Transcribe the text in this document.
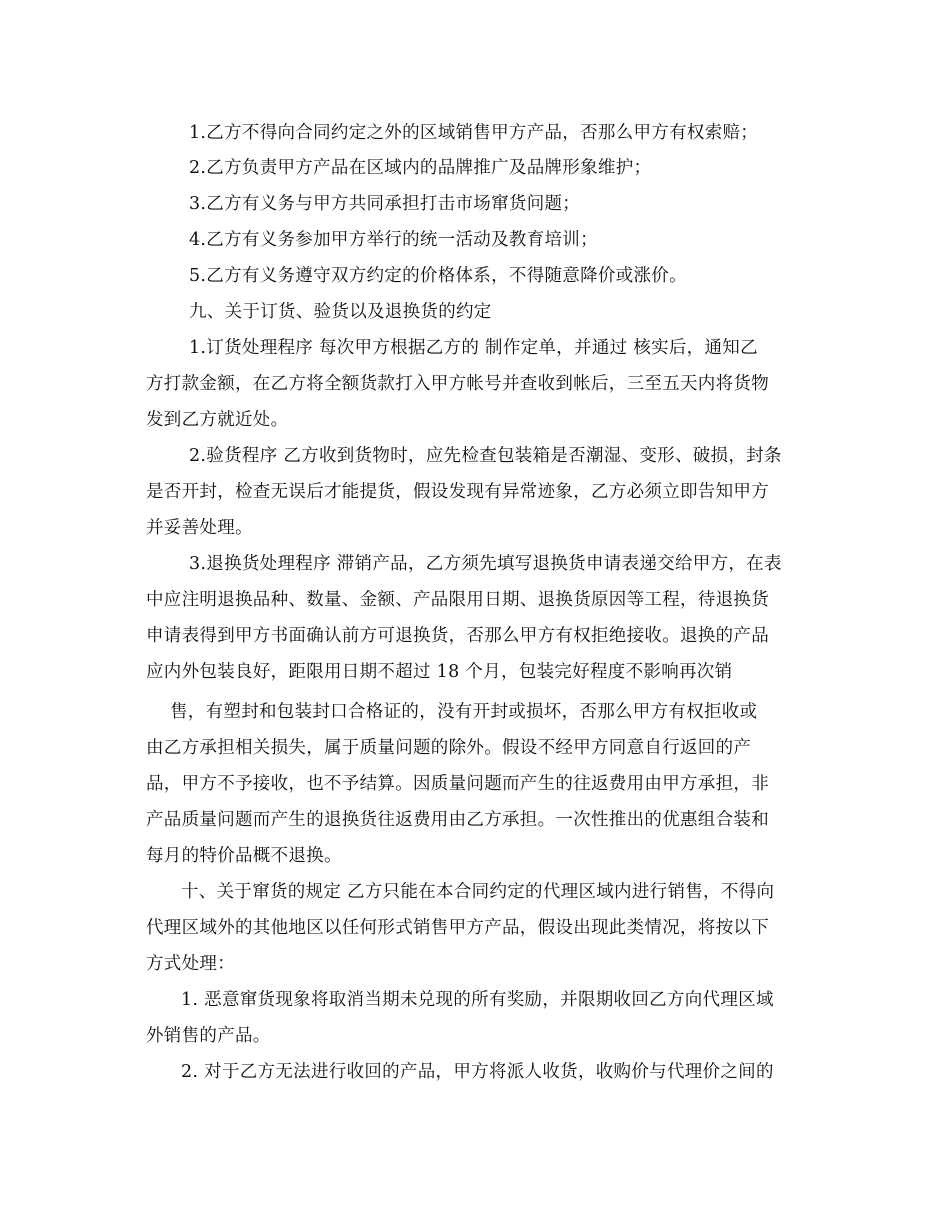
1.乙方不得向合同约定之外的区域销售甲方产品，否那么甲方有权索赔；
2.乙方负责甲方产品在区域内的品牌推广及品牌形象维护；
3.乙方有义务与甲方共同承担打击市场窜货问题；
4.乙方有义务参加甲方举行的统一活动及教育培训；
5.乙方有义务遵守双方约定的价格体系，不得随意降价或涨价。
九、关于订货、验货以及退换货的约定
1.订货处理程序 每次甲方根据乙方的 制作定单，并通过 核实后，通知乙
方打款金额，在乙方将全额货款打入甲方帐号并查收到帐后，三至五天内将货物
发到乙方就近处。
2.验货程序 乙方收到货物时，应先检查包装箱是否潮湿、变形、破损，封条
是否开封，检查无误后才能提货，假设发现有异常迹象，乙方必须立即告知甲方
并妥善处理。
3.退换货处理程序 滞销产品，乙方须先填写退换货申请表递交给甲方，在表
中应注明退换品种、数量、金额、产品限用日期、退换货原因等工程，待退换货
申请表得到甲方书面确认前方可退换货，否那么甲方有权拒绝接收。退换的产品
应内外包装良好，距限用日期不超过 18 个月，包装完好程度不影响再次销
售，有塑封和包装封口合格证的，没有开封或损坏，否那么甲方有权拒收或
由乙方承担相关损失，属于质量问题的除外。假设不经甲方同意自行返回的产
品，甲方不予接收，也不予结算。因质量问题而产生的往返费用由甲方承担，非
产品质量问题而产生的退换货往返费用由乙方承担。一次性推出的优惠组合装和
每月的特价品概不退换。
十、关于窜货的规定 乙方只能在本合同约定的代理区域内进行销售，不得向
代理区域外的其他地区以任何形式销售甲方产品，假设出现此类情况，将按以下
方式处理：
1. 恶意窜货现象将取消当期未兑现的所有奖励，并限期收回乙方向代理区域
外销售的产品。
2. 对于乙方无法进行收回的产品，甲方将派人收货，收购价与代理价之间的
